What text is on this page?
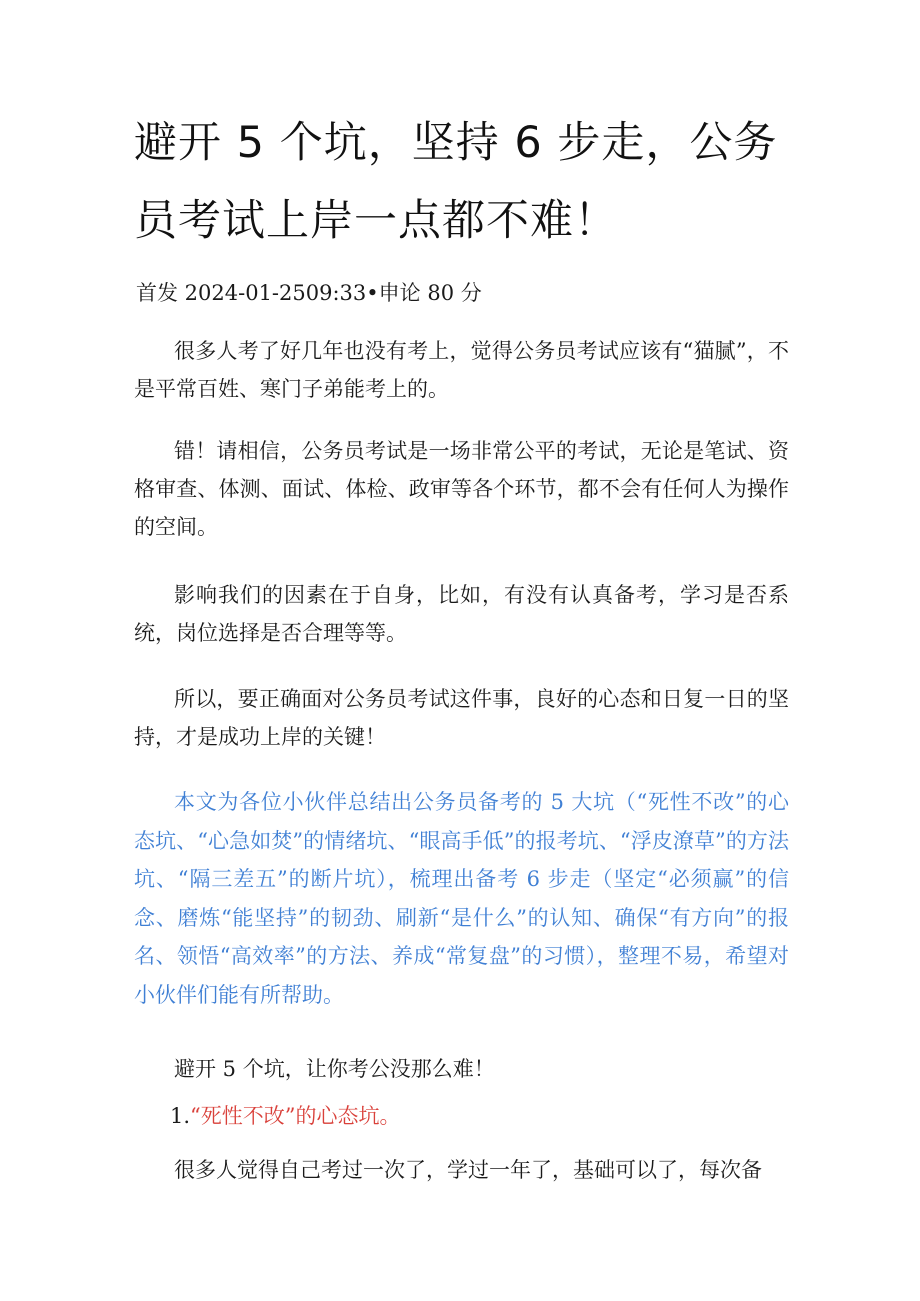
避开 5 个坑，坚持 6 步走，公务员考试上岸一点都不难！

首发 2024-01-2509:33•申论 80 分

很多人考了好几年也没有考上，觉得公务员考试应该有“猫腻”，不是平常百姓、寒门子弟能考上的。

错！请相信，公务员考试是一场非常公平的考试，无论是笔试、资格审查、体测、面试、体检、政审等各个环节，都不会有任何人为操作的空间。

影响我们的因素在于自身，比如，有没有认真备考，学习是否系统，岗位选择是否合理等等。

所以，要正确面对公务员考试这件事，良好的心态和日复一日的坚持，才是成功上岸的关键！

本文为各位小伙伴总结出公务员备考的 5 大坑（“死性不改”的心态坑、“心急如焚”的情绪坑、“眼高手低”的报考坑、“浮皮潦草”的方法坑、“隔三差五”的断片坑），梳理出备考 6 步走（坚定“必须赢”的信念、磨炼“能坚持”的韧劲、刷新“是什么”的认知、确保“有方向”的报名、领悟“高效率”的方法、养成“常复盘”的习惯），整理不易，希望对小伙伴们能有所帮助。

避开 5 个坑，让你考公没那么难！

1.“死性不改”的心态坑。

很多人觉得自己考过一次了，学过一年了，基础可以了，每次备
